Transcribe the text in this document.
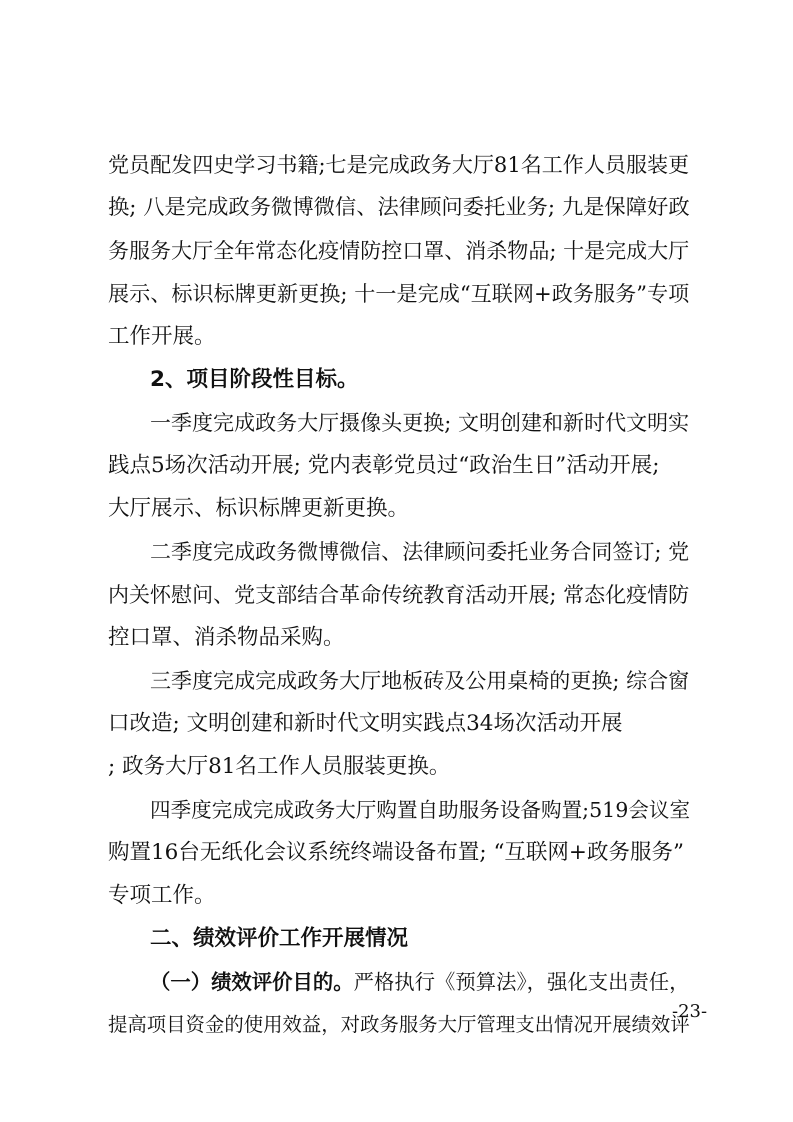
党员配发四史学习书籍;七是完成政务大厅81名工作人员服装更
换; 八是完成政务微博微信、法律顾问委托业务; 九是保障好政
务服务大厅全年常态化疫情防控口罩、消杀物品; 十是完成大厅
展示、标识标牌更新更换; 十一是完成“互联网+政务服务”专项
工作开展。
2、项目阶段性目标。
一季度完成政务大厅摄像头更换; 文明创建和新时代文明实
践点5场次活动开展; 党内表彰党员过“政治生日”活动开展;
大厅展示、标识标牌更新更换。
二季度完成政务微博微信、法律顾问委托业务合同签订; 党
内关怀慰问、党支部结合革命传统教育活动开展; 常态化疫情防
控口罩、消杀物品采购。
三季度完成完成政务大厅地板砖及公用桌椅的更换; 综合窗
口改造; 文明创建和新时代文明实践点34场次活动开展
; 政务大厅81名工作人员服装更换。
四季度完成完成政务大厅购置自助服务设备购置;519会议室
购置16台无纸化会议系统终端设备布置; “互联网+政务服务”
专项工作。
二、绩效评价工作开展情况
（一）绩效评价目的。严格执行《预算法》，强化支出责任，
提高项目资金的使用效益，对政务服务大厅管理支出情况开展绩效评
-23-
